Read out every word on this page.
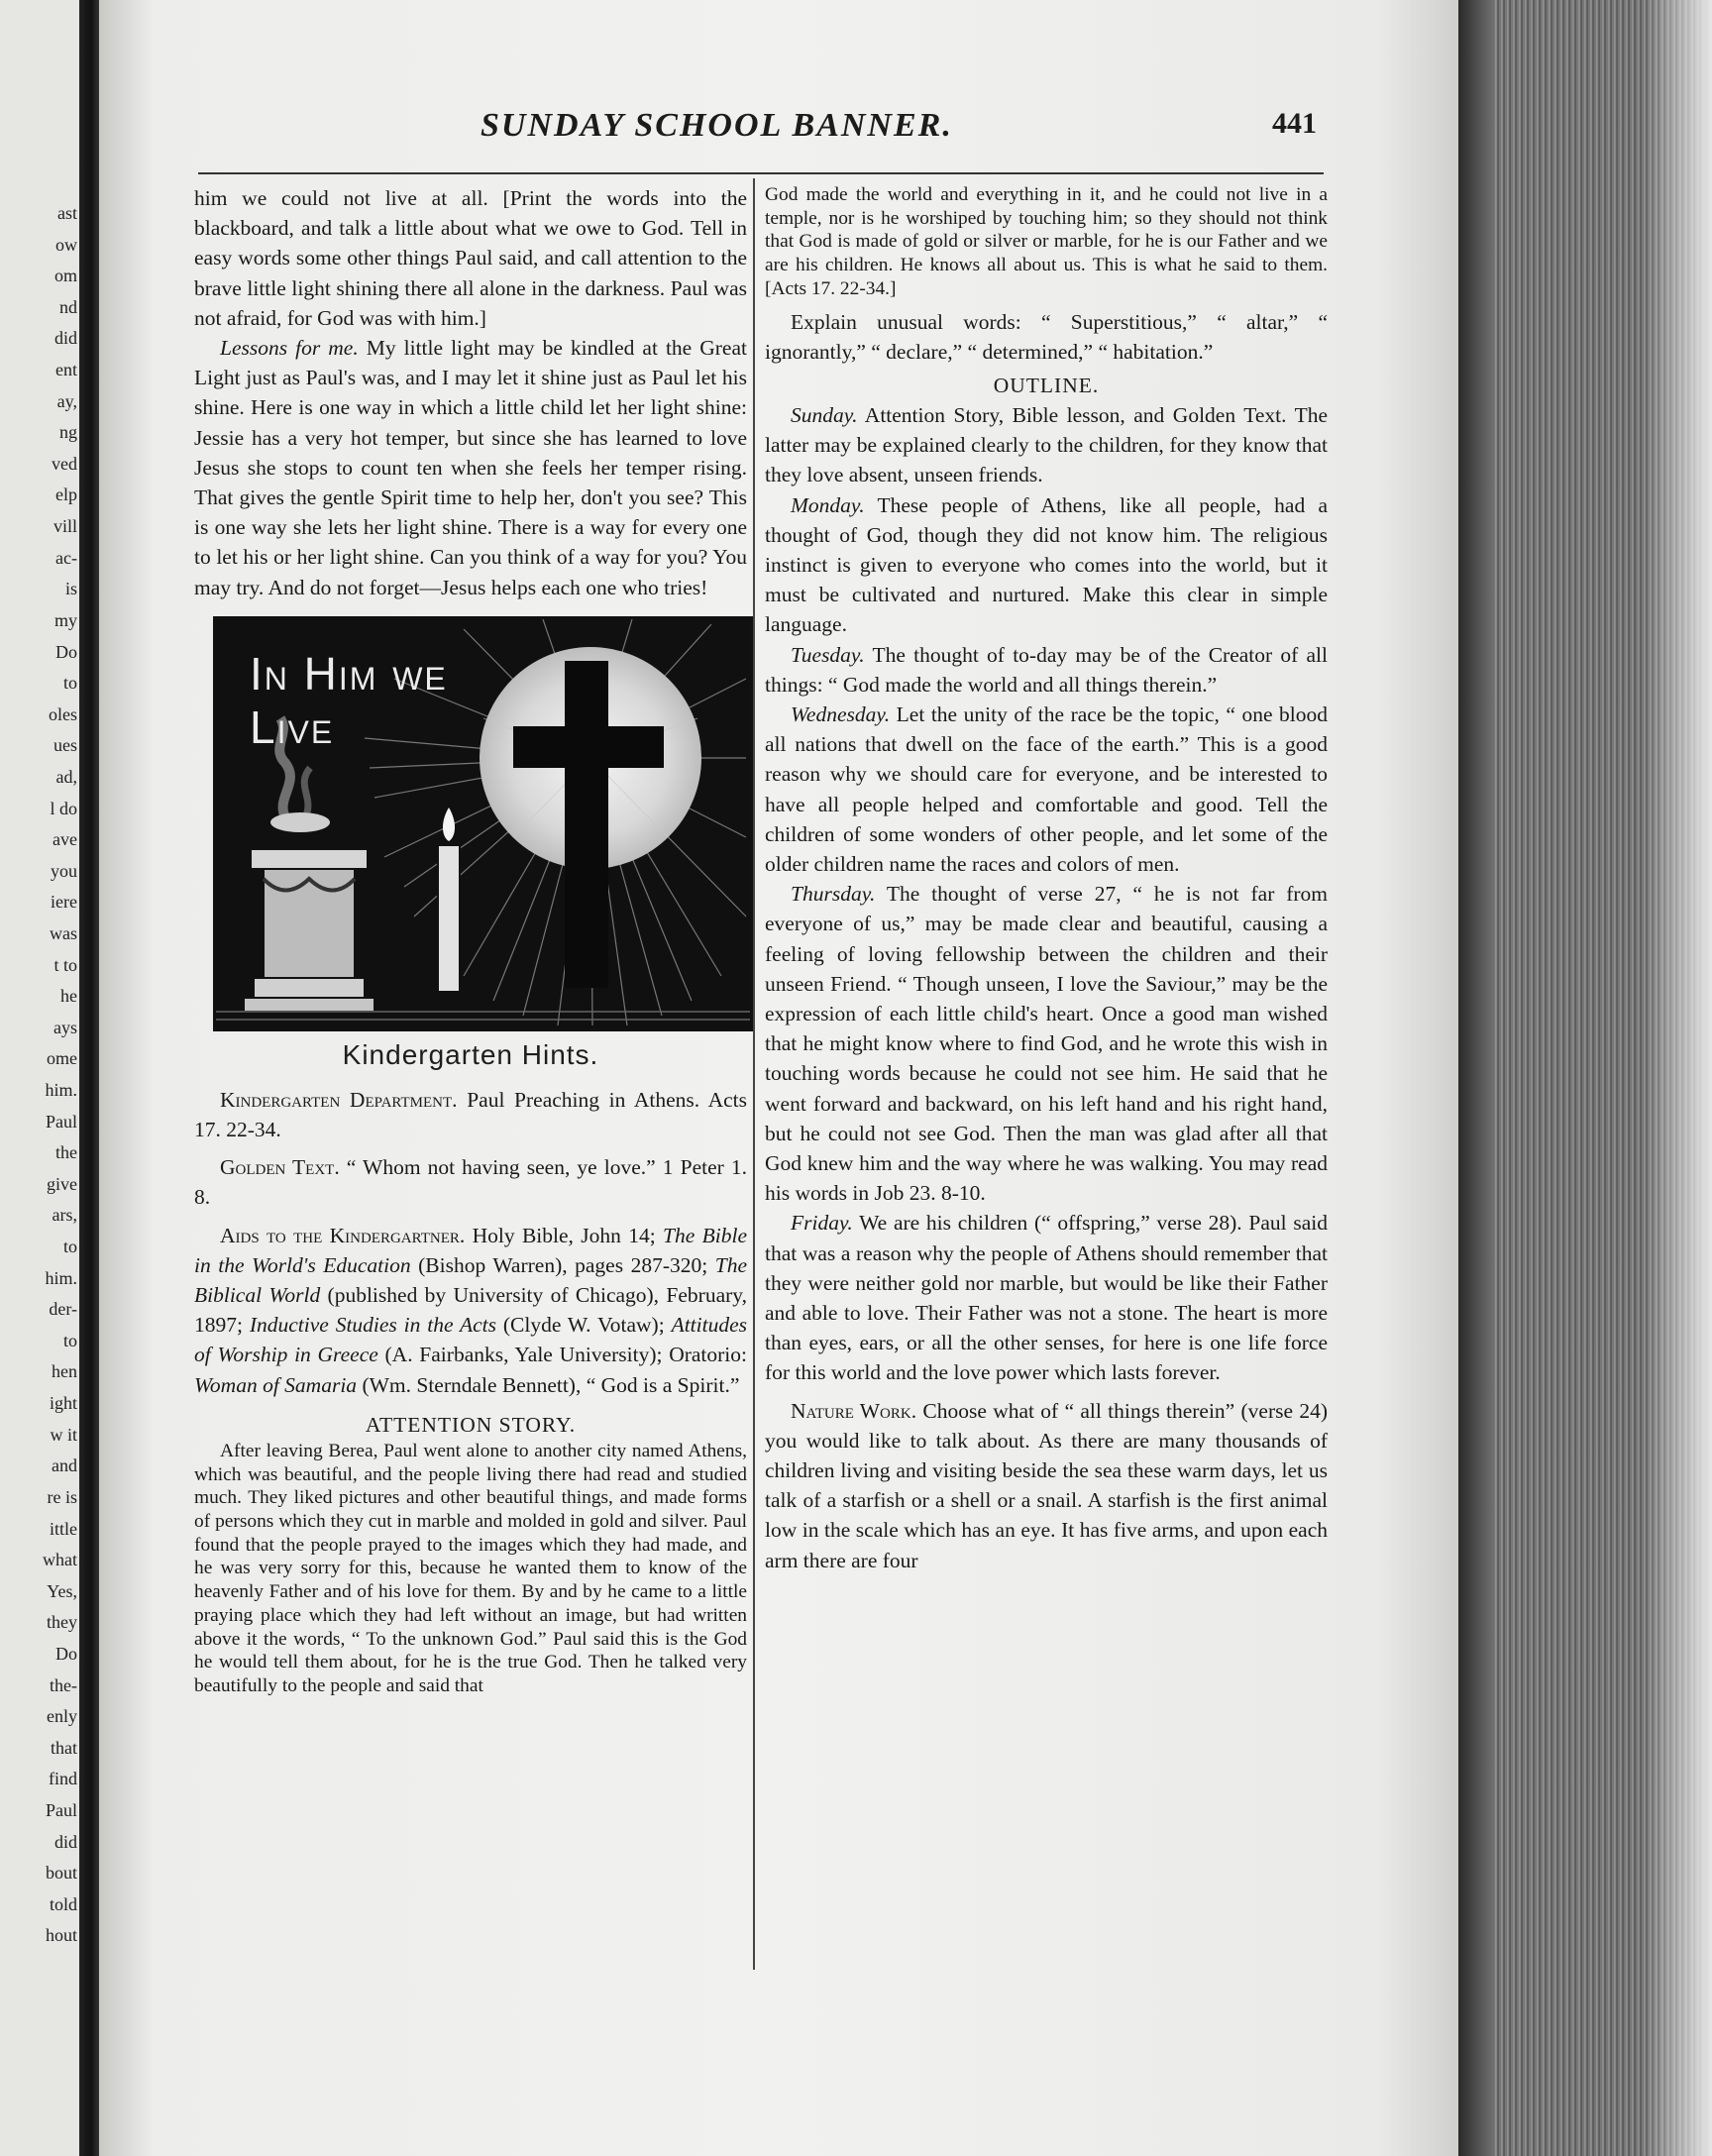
ast
ow
om
nd
did
ent
ay,
ng
ved
elp
vill
ac-
is
my
Do
to
oles
ues
ad,
l do
ave
you
iere
was
t to
he
ays
ome
him.
Paul
the
give
ars,
to
him.
der-
to
hen
ight
w it
and
re is
ittle
what
Yes,
they
Do
the-
enly
that
find
Paul
did
bout
told
hout
SUNDAY SCHOOL BANNER.	441

him we could not live at all. [Print the words into the blackboard, and talk a little about what we owe to God. Tell in easy words some other things Paul said, and call attention to the brave little light shining there all alone in the darkness. Paul was not afraid, for God was with him.]

Lessons for me. My little light may be kindled at the Great Light just as Paul's was, and I may let it shine just as Paul let his shine. Here is one way in which a little child let her light shine: Jessie has a very hot temper, but since she has learned to love Jesus she stops to count ten when she feels her temper rising. That gives the gentle Spirit time to help her, don't you see? This is one way she lets her light shine. There is a way for every one to let his or her light shine. Can you think of a way for you? You may try. And do not forget—Jesus helps each one who tries!

In Him we Live
Kindergarten Hints.

Kindergarten Department. Paul Preaching in Athens. Acts 17. 22-34.

Golden Text. “ Whom not having seen, ye love.” 1 Peter 1. 8.

Aids to the Kindergartner. Holy Bible, John 14; The Bible in the World's Education (Bishop Warren), pages 287-320; The Biblical World (published by University of Chicago), February, 1897; Inductive Studies in the Acts (Clyde W. Votaw); Attitudes of Worship in Greece (A. Fairbanks, Yale University); Oratorio: Woman of Samaria (Wm. Sterndale Bennett), “ God is a Spirit.”

ATTENTION STORY.

After leaving Berea, Paul went alone to another city named Athens, which was beautiful, and the people living there had read and studied much. They liked pictures and other beautiful things, and made forms of persons which they cut in marble and molded in gold and silver. Paul found that the people prayed to the images which they had made, and he was very sorry for this, because he wanted them to know of the heavenly Father and of his love for them. By and by he came to a little praying place which they had left without an image, but had written above it the words, “ To the unknown God.” Paul said this is the God he would tell them about, for he is the true God. Then he talked very beautifully to the people and said that

God made the world and everything in it, and he could not live in a temple, nor is he worshiped by touching him; so they should not think that God is made of gold or silver or marble, for he is our Father and we are his children. He knows all about us. This is what he said to them. [Acts 17. 22-34.]

Explain unusual words: “ Superstitious,” “ altar,” “ ignorantly,” “ declare,” “ determined,” “ habitation.”

OUTLINE.

Sunday. Attention Story, Bible lesson, and Golden Text. The latter may be explained clearly to the children, for they know that they love absent, unseen friends.

Monday. These people of Athens, like all people, had a thought of God, though they did not know him. The religious instinct is given to everyone who comes into the world, but it must be cultivated and nurtured. Make this clear in simple language.

Tuesday. The thought of to-day may be of the Creator of all things: “ God made the world and all things therein.”

Wednesday. Let the unity of the race be the topic, “ one blood all nations that dwell on the face of the earth.” This is a good reason why we should care for everyone, and be interested to have all people helped and comfortable and good. Tell the children of some wonders of other people, and let some of the older children name the races and colors of men.

Thursday. The thought of verse 27, “ he is not far from everyone of us,” may be made clear and beautiful, causing a feeling of loving fellowship between the children and their unseen Friend. “ Though unseen, I love the Saviour,” may be the expression of each little child's heart. Once a good man wished that he might know where to find God, and he wrote this wish in touching words because he could not see him. He said that he went forward and backward, on his left hand and his right hand, but he could not see God. Then the man was glad after all that God knew him and the way where he was walking. You may read his words in Job 23. 8-10.

Friday. We are his children (“ offspring,” verse 28). Paul said that was a reason why the people of Athens should remember that they were neither gold nor marble, but would be like their Father and able to love. Their Father was not a stone. The heart is more than eyes, ears, or all the other senses, for here is one life force for this world and the love power which lasts forever.

Nature Work. Choose what of “ all things therein” (verse 24) you would like to talk about. As there are many thousands of children living and visiting beside the sea these warm days, let us talk of a starfish or a shell or a snail. A starfish is the first animal low in the scale which has an eye. It has five arms, and upon each arm there are four
